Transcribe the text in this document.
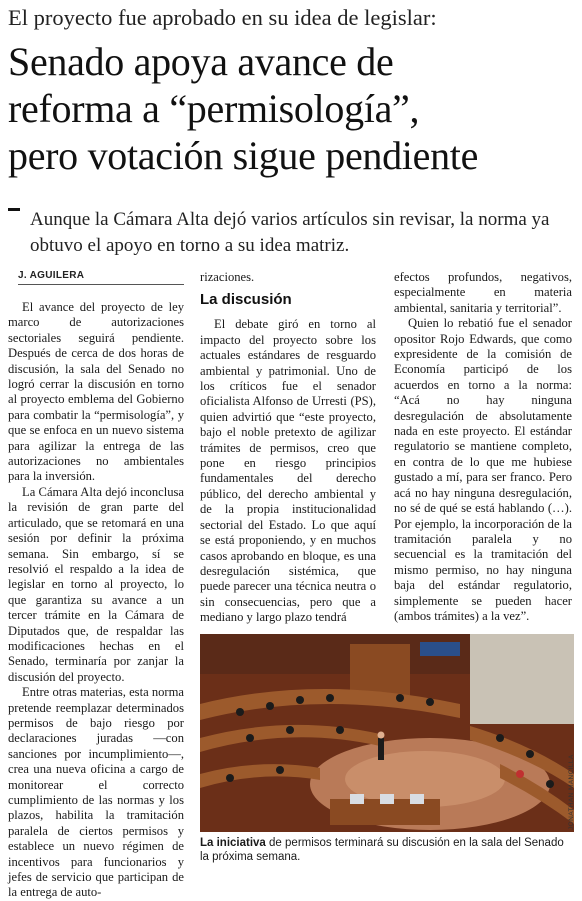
El proyecto fue aprobado en su idea de legislar:
Senado apoya avance de
reforma a “permisología”,
pero votación sigue pendiente
Aunque la Cámara Alta dejó varios artículos sin revisar, la norma ya obtuvo el apoyo en torno a su idea matriz.
J. AGUILERA

El avance del proyecto de ley marco de autorizaciones sectoriales seguirá pendiente. Después de cerca de dos horas de discusión, la sala del Senado no logró cerrar la discusión en torno al proyecto emblema del Gobierno para combatir la “permisología”, y que se enfoca en un nuevo sistema para agilizar la entrega de las autorizaciones no ambientales para la inversión.

La Cámara Alta dejó inconclusa la revisión de gran parte del articulado, que se retomará en una sesión por definir la próxima semana. Sin embargo, sí se resolvió el respaldo a la idea de legislar en torno al proyecto, lo que garantiza su avance a un tercer trámite en la Cámara de Diputados que, de respaldar las modificaciones hechas en el Senado, terminaría por zanjar la discusión del proyecto.

Entre otras materias, esta norma pretende reemplazar determinados permisos de bajo riesgo por declaraciones juradas —con sanciones por incumplimiento—, crea una nueva oficina a cargo de monitorear el correcto cumplimiento de las normas y los plazos, habilita la tramitación paralela de ciertos permisos y establece un nuevo régimen de incentivos para funcionarios y jefes de servicio que participan de la entrega de auto-

rizaciones.

La discusión

El debate giró en torno al impacto del proyecto sobre los actuales estándares de resguardo ambiental y patrimonial. Uno de los críticos fue el senador oficialista Alfonso de Urresti (PS), quien advirtió que “este proyecto, bajo el noble pretexto de agilizar trámites de permisos, creo que pone en riesgo principios fundamentales del derecho público, del derecho ambiental y de la propia institucionalidad sectorial del Estado. Lo que aquí se está proponiendo, y en muchos casos aprobando en bloque, es una desregulación sistémica, que puede parecer una técnica neutra o sin consecuencias, pero que a mediano y largo plazo tendrá

efectos profundos, negativos, especialmente en materia ambiental, sanitaria y territorial”.

Quien lo rebatió fue el senador opositor Rojo Edwards, que como expresidente de la comisión de Economía participó de los acuerdos en torno a la norma: “Acá no hay ninguna desregulación de absolutamente nada en este proyecto. El estándar regulatorio se mantiene completo, en contra de lo que me hubiese gustado a mí, para ser franco. Pero acá no hay ninguna desregulación, no sé de qué se está hablando (…). Por ejemplo, la incorporación de la tramitación paralela y no secuencial es la tramitación del mismo permiso, no hay ninguna baja del estándar regulatorio, simplemente se pueden hacer (ambos trámites) a la vez”.

JONATHAN MANCILLA
La iniciativa de permisos terminará su discusión en la sala del Senado la próxima semana.
